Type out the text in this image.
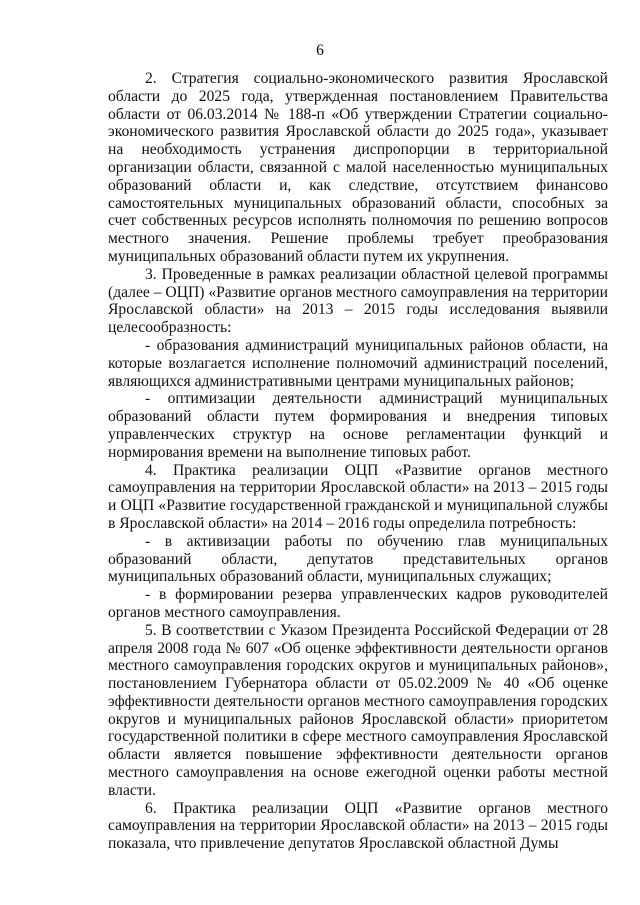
6

2. Стратегия социально-экономического развития Ярославской области до 2025 года, утвержденная постановлением Правительства области от 06.03.2014 № 188-п «Об утверждении Стратегии социально-экономического развития Ярославской области до 2025 года», указывает на необходимость устранения диспропорции в территориальной организации области, связанной с малой населенностью муниципальных образований области и, как следствие, отсутствием финансово самостоятельных муниципальных образований области, способных за счет собственных ресурсов исполнять полномочия по решению вопросов местного значения. Решение проблемы требует преобразования муниципальных образований области путем их укрупнения.

3. Проведенные в рамках реализации областной целевой программы (далее – ОЦП) «Развитие органов местного самоуправления на территории Ярославской области» на 2013 – 2015 годы исследования выявили целесообразность:

- образования администраций муниципальных районов области, на которые возлагается исполнение полномочий администраций поселений, являющихся административными центрами муниципальных районов;

- оптимизации деятельности администраций муниципальных образований области путем формирования и внедрения типовых управленческих структур на основе регламентации функций и нормирования времени на выполнение типовых работ.

4. Практика реализации ОЦП «Развитие органов местного самоуправления на территории Ярославской области» на 2013 – 2015 годы и ОЦП «Развитие государственной гражданской и муниципальной службы в Ярославской области» на 2014 – 2016 годы определила потребность:

- в активизации работы по обучению глав муниципальных образований области, депутатов представительных органов муниципальных образований области, муниципальных служащих;

- в формировании резерва управленческих кадров руководителей органов местного самоуправления.

5. В соответствии с Указом Президента Российской Федерации от 28 апреля 2008 года № 607 «Об оценке эффективности деятельности органов местного самоуправления городских округов и муниципальных районов», постановлением Губернатора области от 05.02.2009 № 40 «Об оценке эффективности деятельности органов местного самоуправления городских округов и муниципальных районов Ярославской области» приоритетом государственной политики в сфере местного самоуправления Ярославской области является повышение эффективности деятельности органов местного самоуправления на основе ежегодной оценки работы местной власти.

6. Практика реализации ОЦП «Развитие органов местного самоуправления на территории Ярославской области» на 2013 – 2015 годы показала, что привлечение депутатов Ярославской областной Думы
